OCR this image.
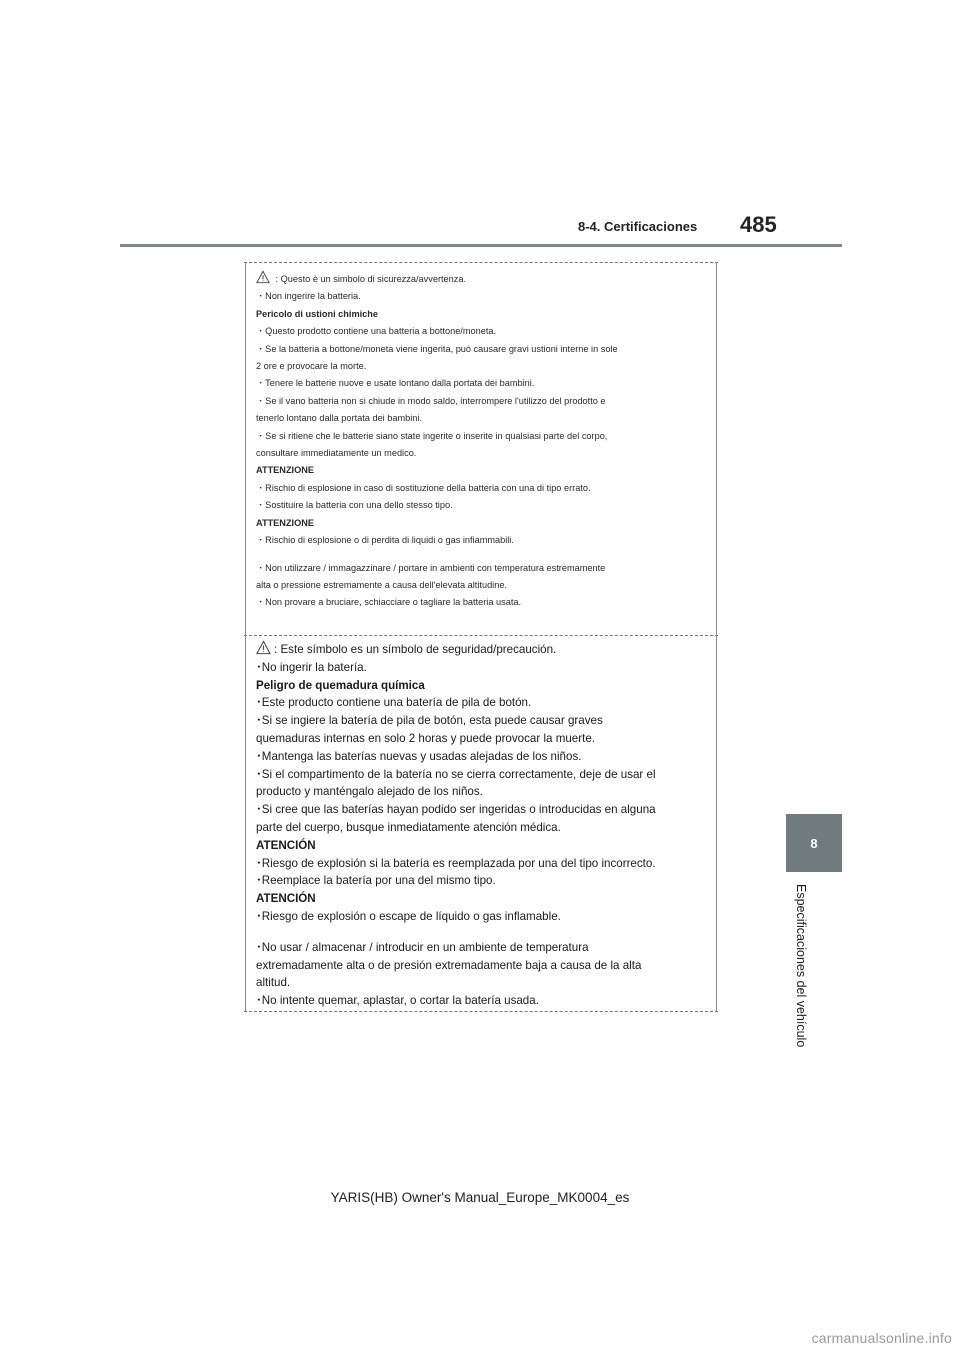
8-4. Certificaciones 485
8
Especificaciones del vehículo
: Questo è un simbolo di sicurezza/avvertenza.
・Non ingerire la batteria.
Pericolo di ustioni chimiche
・Questo prodotto contiene una batteria a bottone/moneta.
・Se la batteria a bottone/moneta viene ingerita, può causare gravi ustioni interne in sole
2 ore e provocare la morte.
・Tenere le batterie nuove e usate lontano dalla portata dei bambini.
・Se il vano batteria non si chiude in modo saldo, interrompere l'utilizzo del prodotto e
tenerlo lontano dalla portata dei bambini.
・Se si ritiene che le batterie siano state ingerite o inserite in qualsiasi parte del corpo,
consultare immediatamente un medico.
ATTENZIONE
・Rischio di esplosione in caso di sostituzione della batteria con una di tipo errato.
・Sostituire la batteria con una dello stesso tipo.
ATTENZIONE
・Rischio di esplosione o di perdita di liquidi o gas infiammabili.
・Non utilizzare / immagazzinare / portare in ambienti con temperatura estremamente
alta o pressione estremamente a causa dell'elevata altitudine.
・Non provare a bruciare, schiacciare o tagliare la batteria usata.
: Este símbolo es un símbolo de seguridad/precaución.
･No ingerir la batería.
Peligro de quemadura química
･Este producto contiene una batería de pila de botón.
･Si se ingiere la batería de pila de botón, esta puede causar graves
quemaduras internas en solo 2 horas y puede provocar la muerte.
･Mantenga las baterías nuevas y usadas alejadas de los niños.
･Si el compartimento de la batería no se cierra correctamente, deje de usar el
producto y manténgalo alejado de los niños.
･Si cree que las baterías hayan podido ser ingeridas o introducidas en alguna
parte del cuerpo, busque inmediatamente atención médica.
ATENCIÓN
･Riesgo de explosión si la batería es reemplazada por una del tipo incorrecto.
･Reemplace la batería por una del mismo tipo.
ATENCIÓN
･Riesgo de explosión o escape de líquido o gas inflamable.
･No usar / almacenar / introducir en un ambiente de temperatura
extremadamente alta o de presión extremadamente baja a causa de la alta
altitud.
･No intente quemar, aplastar, o cortar la batería usada.
YARIS(HB) Owner's Manual_Europe_MK0004_es
carmanualsonline.info
